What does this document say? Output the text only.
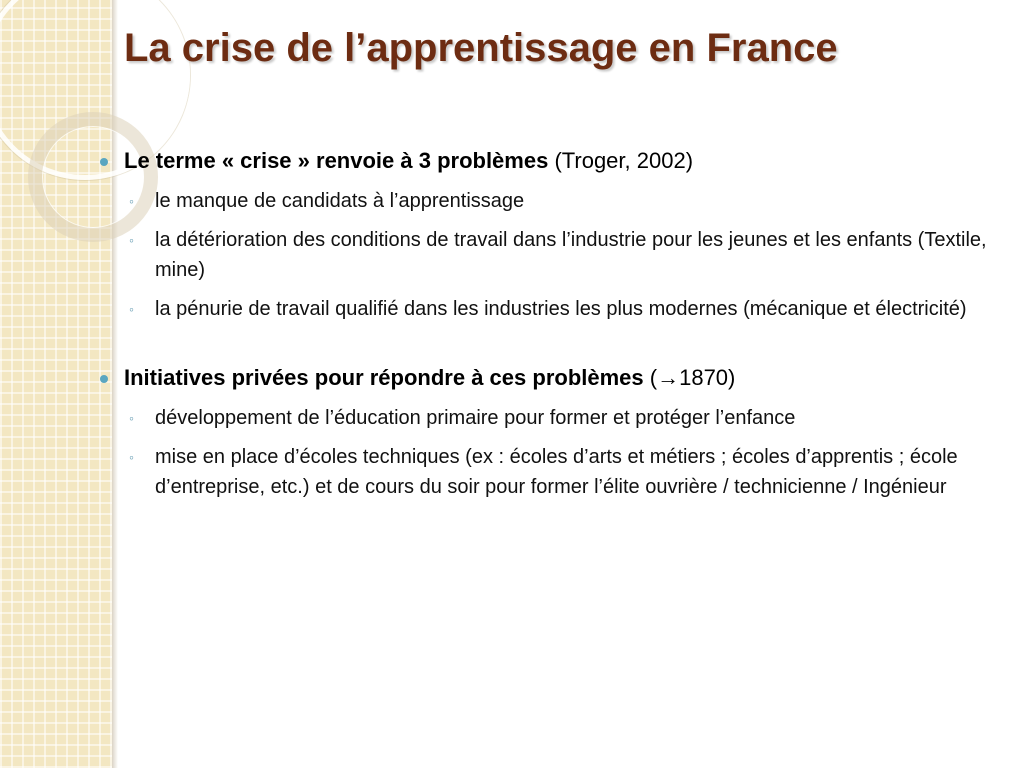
La crise de l’apprentissage en France
Le terme « crise » renvoie à 3 problèmes (Troger, 2002)
◦ le manque de candidats à l’apprentissage
◦ la détérioration des conditions de travail dans l’industrie pour les jeunes et les enfants (Textile, mine)
◦ la pénurie de travail qualifié dans les industries les plus modernes (mécanique et électricité)
Initiatives privées pour répondre à ces problèmes (→1870)
◦ développement de l’éducation primaire pour former et protéger l’enfance
◦ mise en place d’écoles techniques (ex : écoles d’arts et métiers ; écoles d’apprentis ; école d’entreprise, etc.) et de cours du soir pour former l’élite ouvrière / technicienne / Ingénieur
